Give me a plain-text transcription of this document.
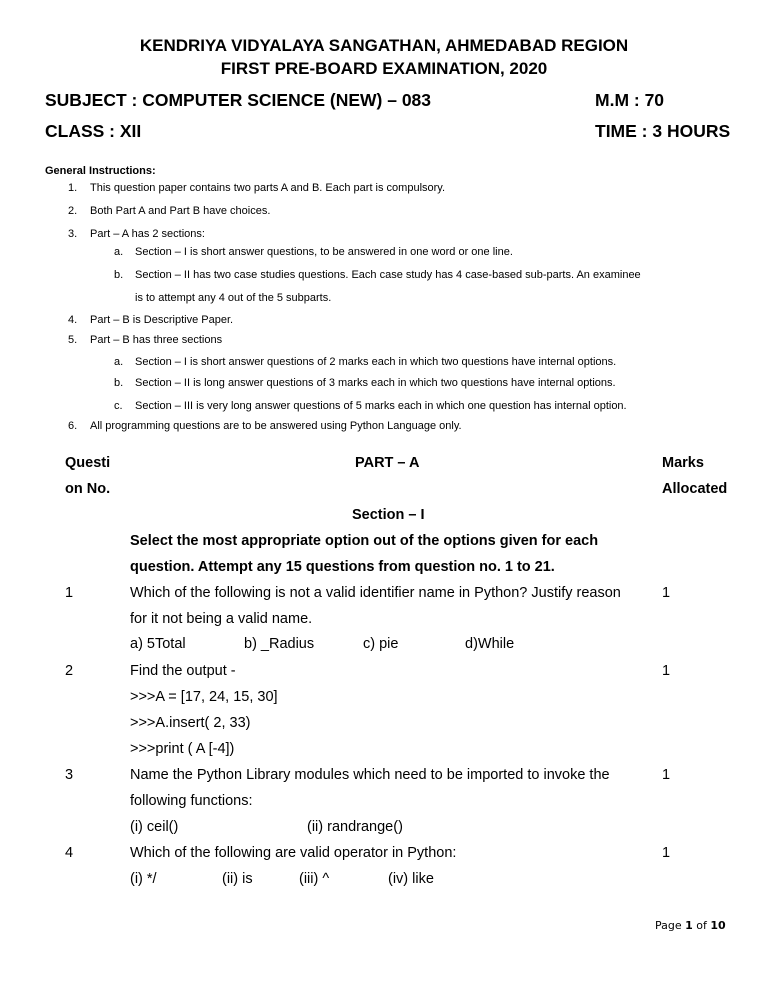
KENDRIYA VIDYALAYA SANGATHAN, AHMEDABAD REGION
FIRST PRE-BOARD EXAMINATION, 2020
SUBJECT : COMPUTER SCIENCE (NEW) – 083	M.M : 70
CLASS : XII	TIME : 3 HOURS
General Instructions:
1. This question paper contains two parts A and B. Each part is compulsory.
2. Both Part A and Part B have choices.
3. Part – A has 2 sections:
a. Section – I is short answer questions, to be answered in one word or one line.
b. Section – II has two case studies questions. Each case study has 4 case-based sub-parts. An examinee
is to attempt any 4 out of the 5 subparts.
4. Part – B is Descriptive Paper.
5. Part – B has three sections
a. Section – I is short answer questions of 2 marks each in which two questions have internal options.
b. Section – II is long answer questions of 3 marks each in which two questions have internal options.
c. Section – III is very long answer questions of 5 marks each in which one question has internal option.
6. All programming questions are to be answered using Python Language only.
Questi
on No.
PART – A	Marks
Allocated
Section – I
Select the most appropriate option out of the options given for each
question. Attempt any 15 questions from question no. 1 to 21.
1	Which of the following is not a valid identifier name in Python? Justify reason	1
for it not being a valid name.
a) 5Total	b) _Radius	c) pie	d)While
2	Find the output -	1
>>>A = [17, 24, 15, 30]
>>>A.insert( 2, 33)
>>>print ( A [-4])
3	Name the Python Library modules which need to be imported to invoke the	1
following functions:
(i) ceil()	(ii) randrange()
4	Which of the following are valid operator in Python:	1
(i) */	(ii) is	(iii) ^	(iv) like
Page 1 of 10
